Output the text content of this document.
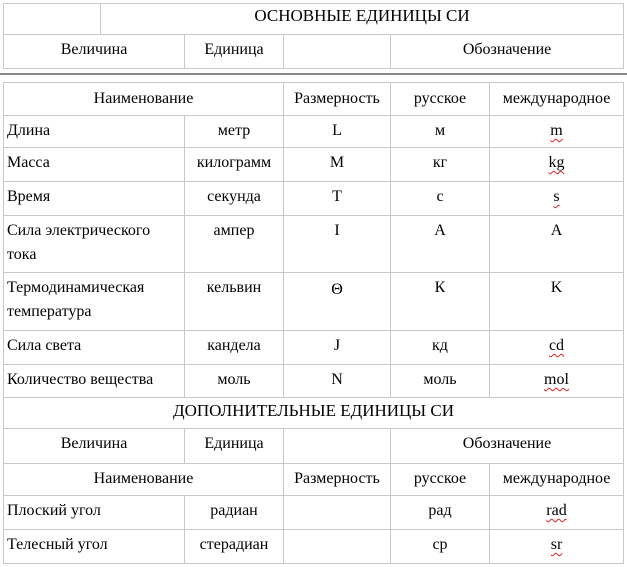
	ОСНОВНЫЕ ЕДИНИЦЫ СИ			
Величина		Единица		Обозначение
Наименование		Размерность	русское	международное
Длина	метр	L	м	m
Масса	килограмм	M	кг	kg
Время	секунда	T	с	s
Сила электрического тока	ампер	I	А	A
Термодинамическая температура	кельвин	Θ	К	K
Сила света	кандела	J	кд	cd
Количество вещества	моль	N	моль	mol
ДОПОЛНИТЕЛЬНЫЕ ЕДИНИЦЫ СИ				
Величина	Единица		Обозначение	
Наименование		Размерность	русское	международное
Плоский угол	радиан		рад	rad
Телесный угол	стерадиан		ср	sr
